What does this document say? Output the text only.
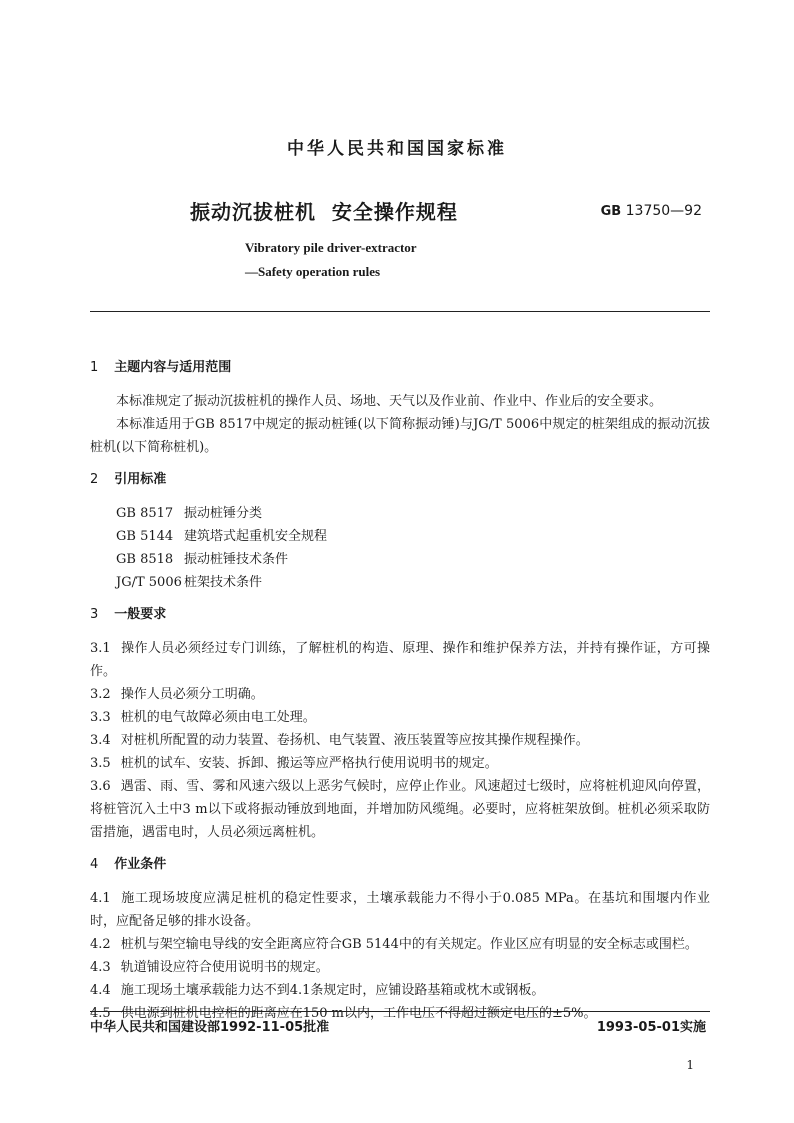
中华人民共和国国家标准
振动沉拔桩机  安全操作规程	GB 13750—92
Vibratory pile driver-extractor
—Safety operation rules

1 主题内容与适用范围

本标准规定了振动沉拔桩机的操作人员、场地、天气以及作业前、作业中、作业后的安全要求。

本标准适用于GB 8517中规定的振动桩锤(以下简称振动锤)与JG/T 5006中规定的桩架组成的振动沉拔桩机(以下简称桩机)。

2 引用标准

GB 8517 振动桩锤分类

GB 5144 建筑塔式起重机安全规程

GB 8518 振动桩锤技术条件

JG/T 5006 桩架技术条件

3 一般要求

3.1 操作人员必须经过专门训练，了解桩机的构造、原理、操作和维护保养方法，并持有操作证，方可操作。

3.2 操作人员必须分工明确。

3.3 桩机的电气故障必须由电工处理。

3.4 对桩机所配置的动力装置、卷扬机、电气装置、液压装置等应按其操作规程操作。

3.5 桩机的试车、安装、拆卸、搬运等应严格执行使用说明书的规定。

3.6 遇雷、雨、雪、雾和风速六级以上恶劣气候时，应停止作业。风速超过七级时，应将桩机迎风向停置，将桩管沉入土中3 m以下或将振动锤放到地面，并增加防风缆绳。必要时，应将桩架放倒。桩机必须采取防雷措施，遇雷电时，人员必须远离桩机。

4 作业条件

4.1 施工现场坡度应满足桩机的稳定性要求，土壤承载能力不得小于0.085 MPa。在基坑和围堰内作业时，应配备足够的排水设备。

4.2 桩机与架空输电导线的安全距离应符合GB 5144中的有关规定。作业区应有明显的安全标志或围栏。

4.3 轨道铺设应符合使用说明书的规定。

4.4 施工现场土壤承载能力达不到4.1条规定时，应铺设路基箱或枕木或钢板。

4.5 供电源到桩机电控柜的距离应在150 m以内，工作电压不得超过额定电压的±5%。

中华人民共和国建设部1992-11-05批准	1993-05-01实施
1
